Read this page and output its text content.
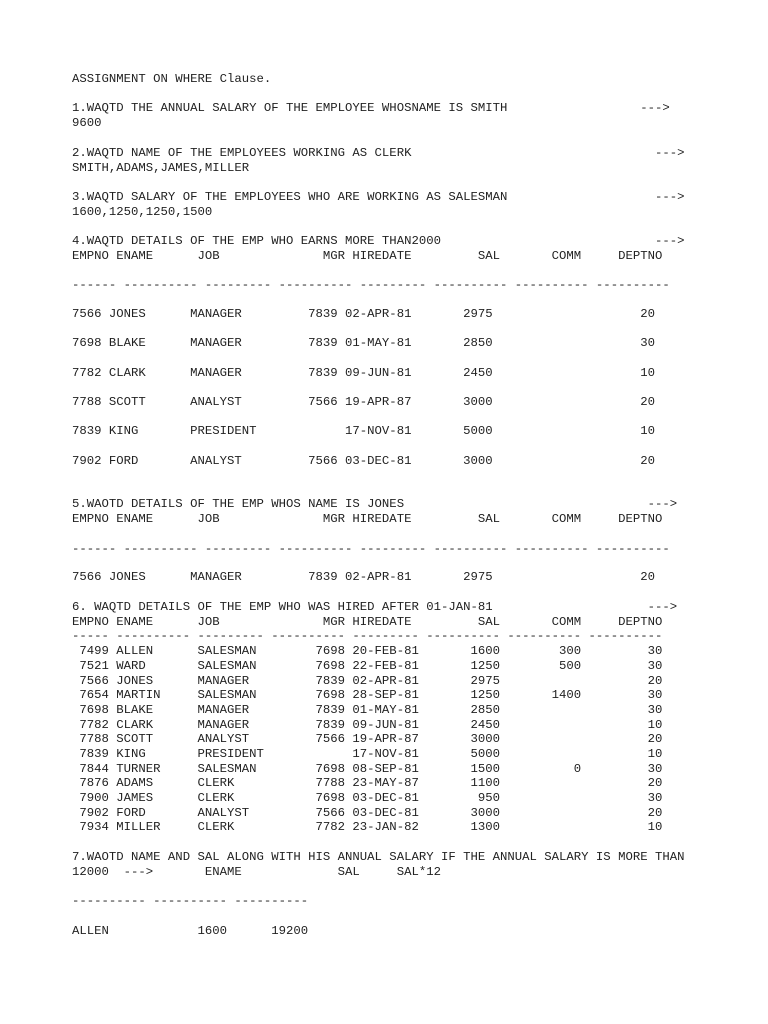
ASSIGNMENT ON WHERE Clause.

1.WAQTD THE ANNUAL SALARY OF THE EMPLOYEE WHOSNAME IS SMITH                  --->

9600

2.WAQTD NAME OF THE EMPLOYEES WORKING AS CLERK                                 --->

SMITH,ADAMS,JAMES,MILLER

3.WAQTD SALARY OF THE EMPLOYEES WHO ARE WORKING AS SALESMAN                    --->

1600,1250,1250,1500

4.WAQTD DETAILS OF THE EMP WHO EARNS MORE THAN2000                             --->

EMPNO ENAME      JOB              MGR HIREDATE         SAL       COMM     DEPTNO

------ ---------- --------- ---------- --------- ---------- ---------- ----------

7566 JONES      MANAGER         7839 02-APR-81       2975                    20

7698 BLAKE      MANAGER         7839 01-MAY-81       2850                    30

7782 CLARK      MANAGER         7839 09-JUN-81       2450                    10

7788 SCOTT      ANALYST         7566 19-APR-87       3000                    20

7839 KING       PRESIDENT            17-NOV-81       5000                    10

7902 FORD       ANALYST         7566 03-DEC-81       3000                    20

5.WAOTD DETAILS OF THE EMP WHOS NAME IS JONES                                 --->

EMPNO ENAME      JOB              MGR HIREDATE         SAL       COMM     DEPTNO

------ ---------- --------- ---------- --------- ---------- ---------- ----------

7566 JONES      MANAGER         7839 02-APR-81       2975                    20

6. WAQTD DETAILS OF THE EMP WHO WAS HIRED AFTER 01-JAN-81                     --->

EMPNO ENAME      JOB              MGR HIREDATE         SAL       COMM     DEPTNO

----- ---------- --------- ---------- --------- ---------- ---------- ----------

7499 ALLEN      SALESMAN        7698 20-FEB-81       1600        300         30

7521 WARD       SALESMAN        7698 22-FEB-81       1250        500         30

7566 JONES      MANAGER         7839 02-APR-81       2975                    20

7654 MARTIN     SALESMAN        7698 28-SEP-81       1250       1400         30

7698 BLAKE      MANAGER         7839 01-MAY-81       2850                    30

7782 CLARK      MANAGER         7839 09-JUN-81       2450                    10

7788 SCOTT      ANALYST         7566 19-APR-87       3000                    20

7839 KING       PRESIDENT            17-NOV-81       5000                    10

7844 TURNER     SALESMAN        7698 08-SEP-81       1500          0         30

7876 ADAMS      CLERK           7788 23-MAY-87       1100                    20

7900 JAMES      CLERK           7698 03-DEC-81        950                    30

7902 FORD       ANALYST         7566 03-DEC-81       3000                    20

7934 MILLER     CLERK           7782 23-JAN-82       1300                    10

7.WAOTD NAME AND SAL ALONG WITH HIS ANNUAL SALARY IF THE ANNUAL SALARY IS MORE THAN

12000  --->       ENAME             SAL     SAL*12

---------- ---------- ----------

ALLEN            1600      19200
